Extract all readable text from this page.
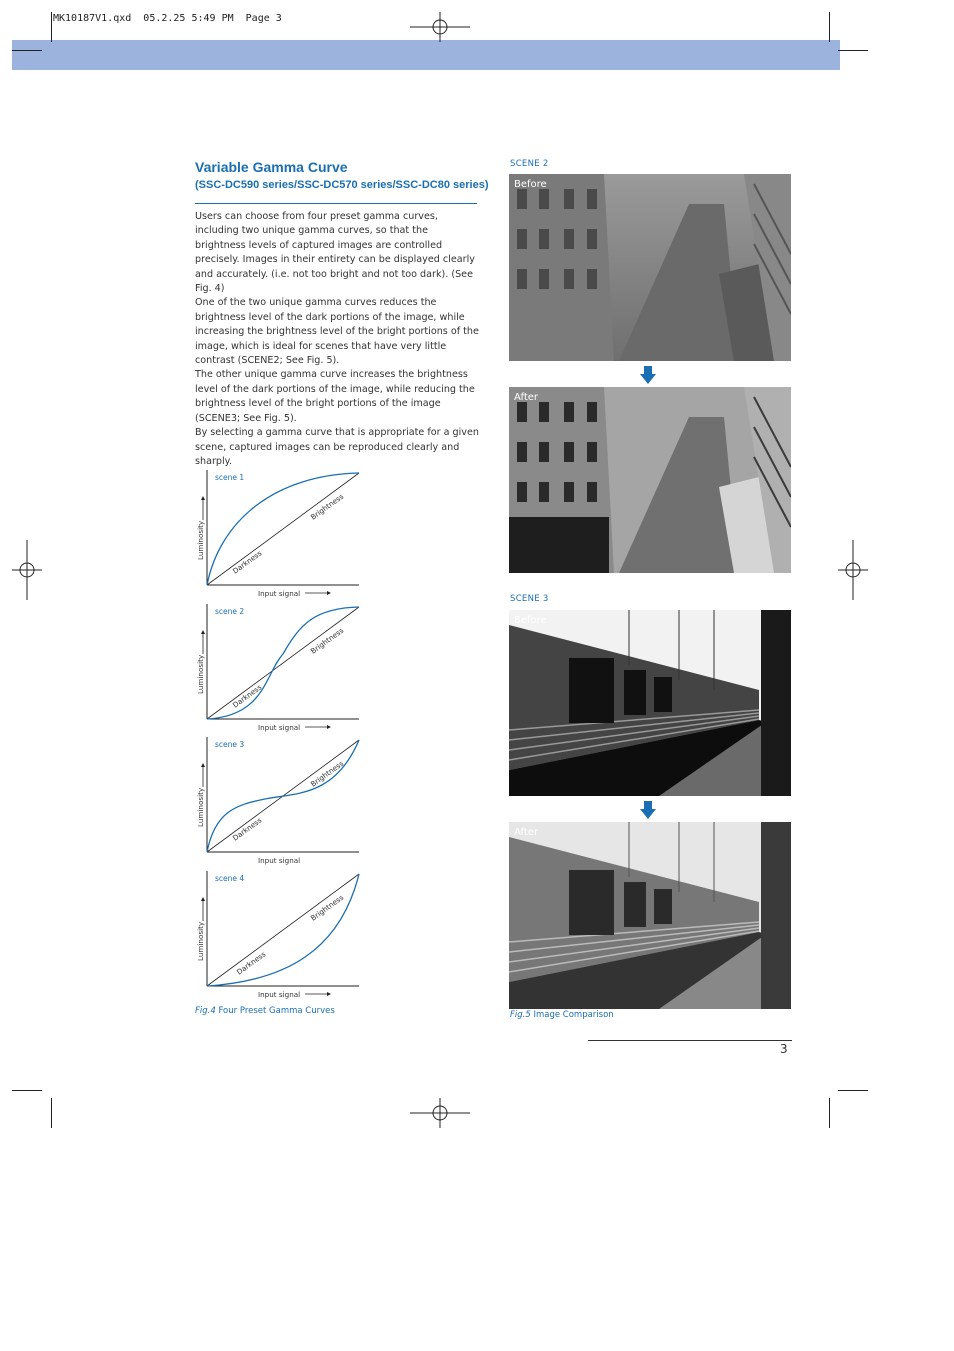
MK10187V1.qxd  05.2.25 5:49 PM  Page 3
Variable Gamma Curve
(SSC-DC590 series/SSC-DC570 series/SSC-DC80 series)

Users can choose from four preset gamma curves, including two unique gamma curves, so that the brightness levels of captured images are controlled precisely. Images in their entirety can be displayed clearly and accurately. (i.e. not too bright and not too dark). (See Fig. 4)

One of the two unique gamma curves reduces the brightness level of the dark portions of the image, while increasing the brightness level of the bright portions of the image, which is ideal for scenes that have very little contrast (SCENE2; See Fig. 5).

The other unique gamma curve increases the brightness level of the dark portions of the image, while reducing the brightness level of the bright portions of the image (SCENE3; See Fig. 5).

By selecting a gamma curve that is appropriate for a given scene, captured images can be reproduced clearly and sharply.

scene 1
Input signal
Luminosity
Darkness
Brightness
scene 2
Input signal
Luminosity
Darkness
Brightness
scene 3
Input signal
Luminosity
Darkness
Brightness
scene 4
Input signal
Luminosity
Darkness
Brightness
Fig.4 Four Preset Gamma Curves
SCENE 2
Before
After
SCENE 3
Before
After
Fig.5 Image Comparison
3
